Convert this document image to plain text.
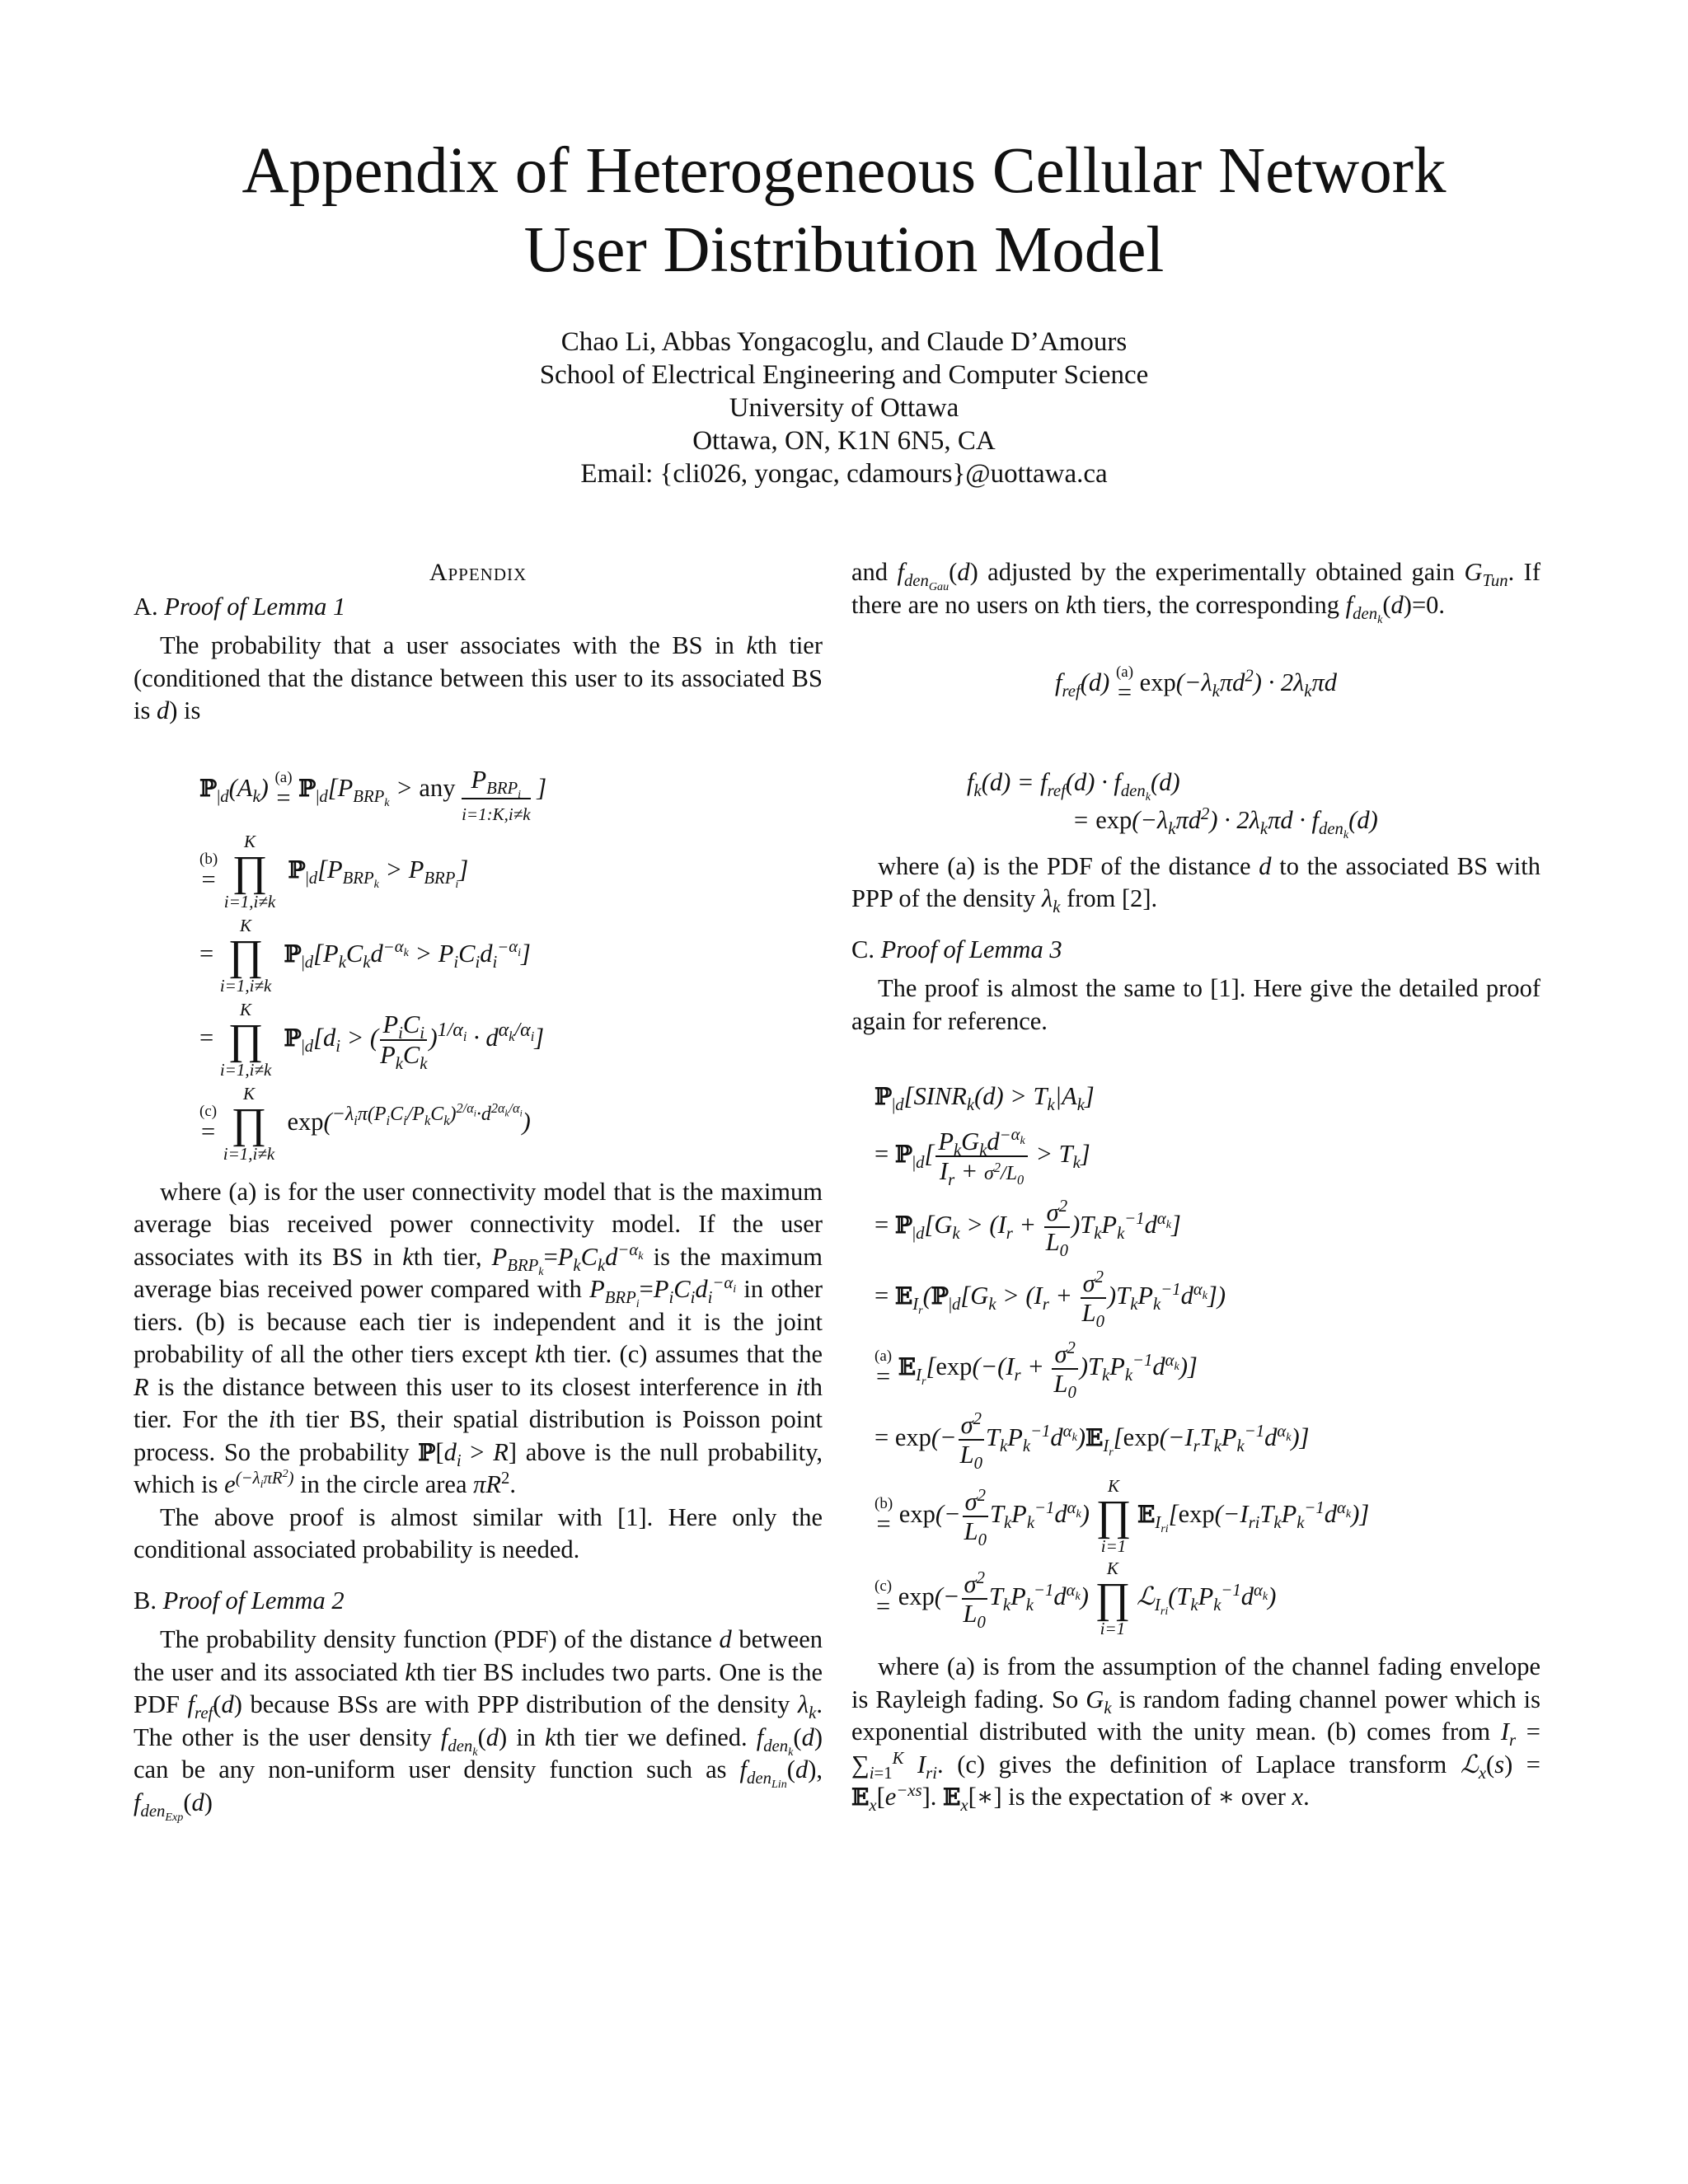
Appendix of Heterogeneous Cellular Network
User Distribution Model
Chao Li, Abbas Yongacoglu, and Claude D’Amours
School of Electrical Engineering and Computer Science
University of Ottawa
Ottawa, ON, K1N 6N5, CA
Email: {cli026, yongac, cdamours}@uottawa.ca

Appendix

A. Proof of Lemma 1

The probability that a user associates with the BS in kth tier (conditioned that the distance between this user to its associated BS is d) is

$ℙ_{|d}(A_k)$ (a)
= $ℙ_{|d}[P_{BRP_k}$ > any $P_{BRP_i}$
i=1:K,i≠k
]
(b)
=

K
∏
i=1,i≠k
$ℙ_{|d}[P_{BRP_k} > P_{BRP_i}]$
=
K
∏
i=1,i≠k
$ℙ_{|d}[P_kC_kd^{-\alpha_k} > P_iC_id_i^{-\alpha_i}]$
=
K
∏
i=1,i≠k
$ℙ_{|d}[d_i$ > ( $\frac{P_iC_i}{P_kC_k} )^{1/\alpha_i} \cdot d^{\alpha_k/\alpha_i}$]
(c)
=

K
∏
i=1,i≠k
exp($^{-\lambda_i\pi(P_iC_i/P_kC_k)^{2/\alpha_i}\cdot d^{2\alpha_k/\alpha_i}}$)

where (a) is for the user connectivity model that is the maximum average bias received power connectivity model. If the user associates with its BS in kth tier, $P_{BRP_k}=P_kC_kd^{-\alpha_k}$ is the maximum average bias received power compared with $P_{BRP_i}=P_iC_id_i^{-\alpha_i}$ in other tiers. (b) is because each tier is independent and it is the joint probability of all the other tiers except kth tier. (c) assumes that the R is the distance between this user to its closest interference in ith tier. For the ith tier BS, their spatial distribution is Poisson point process. So the probability $ℙ[d_i > R]$ above is the null probability, which is $e^{(-\lambda_i\pi R^2)}$ in the circle area $\pi R^2$.

The above proof is almost similar with [1]. Here only the conditional associated probability is needed.

B. Proof of Lemma 2

The probability density function (PDF) of the distance d between the user and its associated kth tier BS includes two parts. One is the PDF $f_{ref}(d)$ because BSs are with PPP distribution of the density $\lambda_k$. The other is the user density $f_{den_k}(d)$ in kth tier we defined. $f_{den_k}(d)$ can be any non-uniform user density function such as $f_{den_{Lin}}(d)$, $f_{den_{Exp}}(d)$

and $f_{den_{Gau}}(d)$ adjusted by the experimentally obtained gain $G_{Tun}$. If there are no users on kth tiers, the corresponding $f_{den_k}(d)=0$.

$f_{ref}(d)$ (a)
= $\exp(-\lambda_k\pi d^2) \cdot 2\lambda_k\pi d$
$f_k(d) = f_{ref}(d) \cdot f_{den_k}(d)$
= $\exp(-\lambda_k\pi d^2) \cdot 2\lambda_k\pi d \cdot f_{den_k}(d)$

where (a) is the PDF of the distance d to the associated BS with PPP of the density $\lambda_k$ from [2].

C. Proof of Lemma 3

The proof is almost the same to [1]. Here give the detailed proof again for reference.

$ℙ_{|d}[SINR_k(d) > T_k|A_k]$
= ℙ$_{|d}$[ $\frac{P_kG_kd^{-\alpha_k}}{I_r + \sigma^2/L_0} > T_k$]
= $ℙ_{|d}[G_k > (I_r + \frac{\sigma^2}{L_0} )T_kP_k^{-1}d^{\alpha_k}]$
= $𝔼_{I_r}(ℙ_{|d}[G_k > (I_r + \frac{\sigma^2}{L_0} )T_kP_k^{-1}d^{\alpha_k}])$
(a)
= $𝔼_{I_r}[\exp(-(I_r + \frac{\sigma^2}{L_0} )T_kP_k^{-1}d^{\alpha_k})]$
= $\exp(- \frac{\sigma^2}{L_0}$ $T_kP_k^{-1}d^{\alpha_k})𝔼_{I_r}[\exp(-I_rT_kP_k^{-1}d^{\alpha_k})]$
(b)
= $\exp(- \frac{\sigma^2}{L_0} T_kP_k^{-1}d^{\alpha_k})$
K
∏
i=1
$𝔼_{I_{ri}}[\exp(-I_{ri}T_kP_k^{-1}d^{\alpha_k})]$
(c)
= $\exp(- \frac{\sigma^2}{L_0} T_kP_k^{-1}d^{\alpha_k})$
K
∏
i=1
$ℒ_{I_{ri}}(T_kP_k^{-1}d^{\alpha_k})$

where (a) is from the assumption of the channel fading envelope is Rayleigh fading. So $G_k$ is random fading channel power which is exponential distributed with the unity mean. (b) comes from $I_r = \sum_{i=1}^K$ $I_{ri}$. (c) gives the definition of Laplace transform ℒ$_x$(s) = $𝔼_x[e^{-xs}]$. 𝔼$_x$[∗] is the expectation of ∗ over x.
